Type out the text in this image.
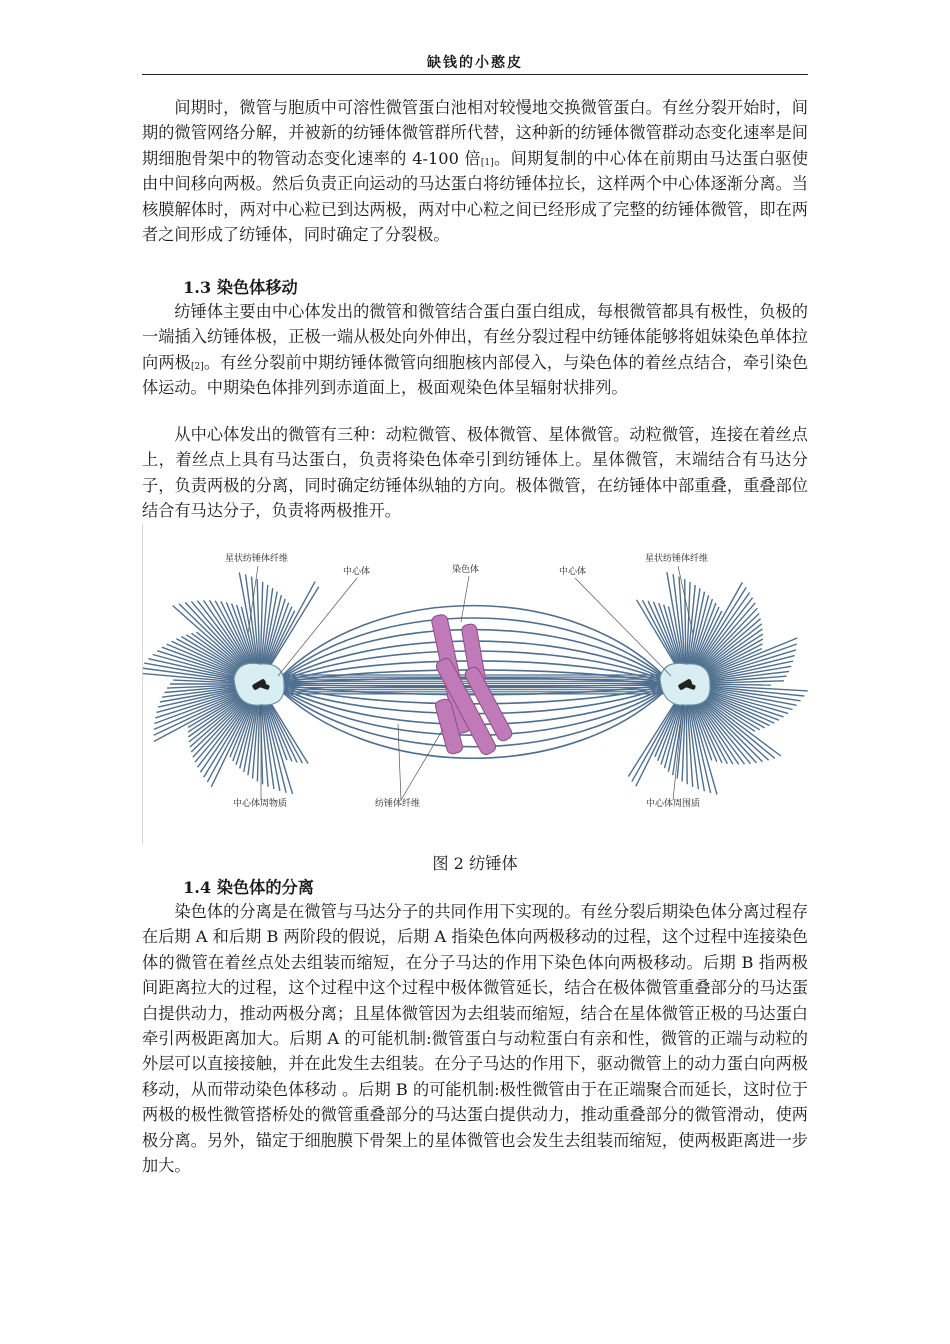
缺钱的小憨皮

间期时，微管与胞质中可溶性微管蛋白池相对较慢地交换微管蛋白。有丝分裂开始时，间期的微管网络分解，并被新的纺锤体微管群所代替，这种新的纺锤体微管群动态变化速率是间期细胞骨架中的物管动态变化速率的 4-100 倍[1]。间期复制的中心体在前期由马达蛋白驱使由中间移向两极。然后负责正向运动的马达蛋白将纺锤体拉长，这样两个中心体逐渐分离。当核膜解体时，两对中心粒已到达两极，两对中心粒之间已经形成了完整的纺锤体微管，即在两者之间形成了纺锤体，同时确定了分裂极。

1.3 染色体移动

纺锤体主要由中心体发出的微管和微管结合蛋白蛋白组成，每根微管都具有极性，负极的一端插入纺锤体极，正极一端从极处向外伸出，有丝分裂过程中纺锤体能够将姐妹染色单体拉向两极[2]。有丝分裂前中期纺锤体微管向细胞核内部侵入，与染色体的着丝点结合，牵引染色体运动。中期染色体排列到赤道面上，极面观染色体呈辐射状排列。

从中心体发出的微管有三种：动粒微管、极体微管、星体微管。动粒微管，连接在着丝点上，着丝点上具有马达蛋白，负责将染色体牵引到纺锤体上。星体微管，末端结合有马达分子，负责两极的分离，同时确定纺锤体纵轴的方向。极体微管，在纺锤体中部重叠，重叠部位结合有马达分子，负责将两极推开。

星状纺锤体纤维
中心体	染色体	中心体
星状纺锤体纤维
中心体周物质	纺锤体纤维	中心体周围质
图 2 纺锤体

1.4 染色体的分离

染色体的分离是在微管与马达分子的共同作用下实现的。有丝分裂后期染色体分离过程存在后期 A 和后期 B 两阶段的假说，后期 A 指染色体向两极移动的过程，这个过程中连接染色体的微管在着丝点处去组装而缩短，在分子马达的作用下染色体向两极移动。后期 B 指两极间距离拉大的过程，这个过程中这个过程中极体微管延长，结合在极体微管重叠部分的马达蛋白提供动力，推动两极分离；且星体微管因为去组装而缩短，结合在星体微管正极的马达蛋白牵引两极距离加大。后期 A 的可能机制:微管蛋白与动粒蛋白有亲和性，微管的正端与动粒的外层可以直接接触，并在此发生去组装。在分子马达的作用下，驱动微管上的动力蛋白向两极移动，从而带动染色体移动 。后期 B 的可能机制:极性微管由于在正端聚合而延长，这时位于两极的极性微管搭桥处的微管重叠部分的马达蛋白提供动力，推动重叠部分的微管滑动，使两极分离。另外，锚定于细胞膜下骨架上的星体微管也会发生去组装而缩短，使两极距离进一步加大。
